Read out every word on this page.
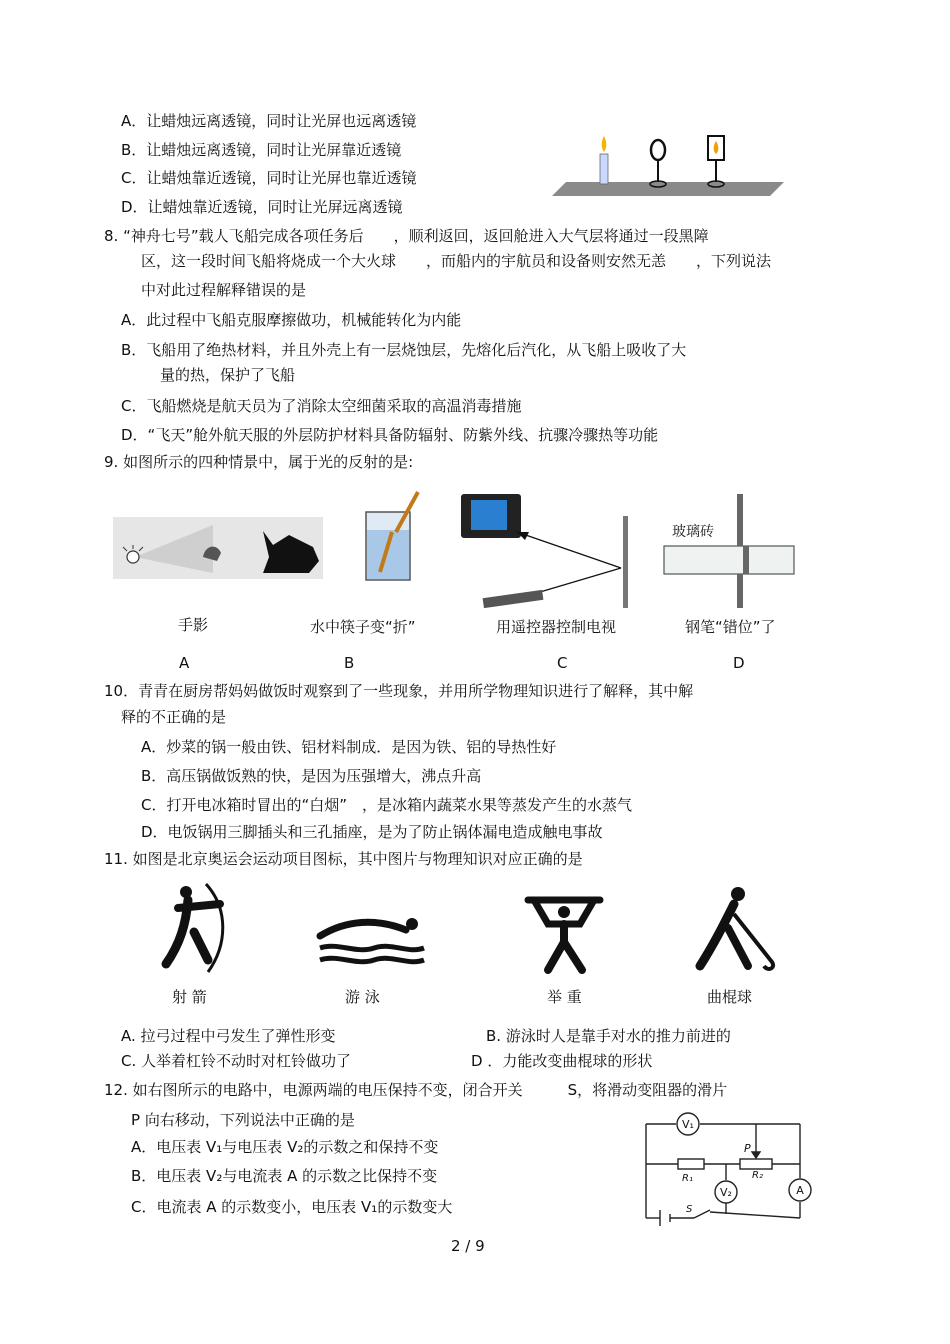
A．让蜡烛远离透镜，同时让光屏也远离透镜
B．让蜡烛远离透镜，同时让光屏靠近透镜
C．让蜡烛靠近透镜，同时让光屏也靠近透镜
D．让蜡烛靠近透镜，同时让光屏远离透镜
8. “神舟七号”载人飞船完成各项任务后　　，顺利返回，返回舱进入大气层将通过一段黑障
区，这一段时间飞船将烧成一个大火球　　，而船内的宇航员和设备则安然无恙　　，下列说法
中对此过程解释错误的是
A．此过程中飞船克服摩擦做功，机械能转化为内能
B．飞船用了绝热材料，并且外壳上有一层烧蚀层，先熔化后汽化，从飞船上吸收了大
量的热，保护了飞船
C．飞船燃烧是航天员为了消除太空细菌采取的高温消毒措施
D．“飞天”舱外航天服的外层防护材料具备防辐射、防紫外线、抗骤冷骤热等功能
9. 如图所示的四种情景中，属于光的反射的是:
玻璃砖
手影	水中筷子变“折”	用遥控器控制电视	钢笔“错位”了
A	B	C	D
10．青青在厨房帮妈妈做饭时观察到了一些现象，并用所学物理知识进行了解释，其中解
释的不正确的是
A．炒菜的锅一般由铁、铝材料制成．是因为铁、铝的导热性好
B．高压锅做饭熟的快，是因为压强增大，沸点升高
C．打开电冰箱时冒出的“白烟”　，是冰箱内蔬菜水果等蒸发产生的水蒸气
D．电饭锅用三脚插头和三孔插座，是为了防止锅体漏电造成触电事故
11. 如图是北京奥运会运动项目图标，其中图片与物理知识对应正确的是
射 箭	游 泳	举 重	曲棍球
A. 拉弓过程中弓发生了弹性形变	B. 游泳时人是靠手对水的推力前进的
C. 人举着杠铃不动时对杠铃做功了	D ．力能改变曲棍球的形状
12. 如右图所示的电路中，电源两端的电压保持不变，闭合开关　　　S，将滑动变阻器的滑片
P 向右移动，下列说法中正确的是
A．电压表 V₁与电压表 V₂的示数之和保持不变
B．电压表 V₂与电流表 A 的示数之比保持不变
C．电流表 A 的示数变小，电压表 V₁的示数变大
V₁
V₂	A
P
R₁	R₂
S
2 / 9
